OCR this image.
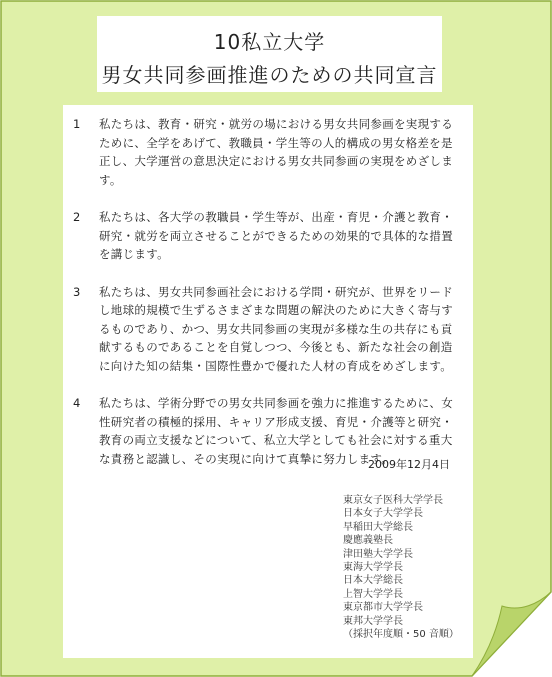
10私立大学
男女共同参画推進のための共同宣言
1	私たちは、教育・研究・就労の場における男女共同参画を実現するために、全学をあげて、教職員・学生等の人的構成の男女格差を是正し、大学運営の意思決定における男女共同参画の実現をめざします。
2	私たちは、各大学の教職員・学生等が、出産・育児・介護と教育・研究・就労を両立させることができるための効果的で具体的な措置を講じます。
3	私たちは、男女共同参画社会における学問・研究が、世界をリードし地球的規模で生ずるさまざまな問題の解決のために大きく寄与するものであり、かつ、男女共同参画の実現が多様な生の共存にも貢献するものであることを自覚しつつ、今後とも、新たな社会の創造に向けた知の結集・国際性豊かで優れた人材の育成をめざします。
4	私たちは、学術分野での男女共同参画を強力に推進するために、女性研究者の積極的採用、キャリア形成支援、育児・介護等と研究・教育の両立支援などについて、私立大学としても社会に対する重大な責務と認識し、その実現に向けて真摯に努力します。
2009年12月4日
東京女子医科大学学長
日本女子大学学長
早稲田大学総長
慶應義塾長
津田塾大学学長
東海大学学長
日本大学総長
上智大学学長
東京都市大学学長
東邦大学学長
（採択年度順・50 音順）
